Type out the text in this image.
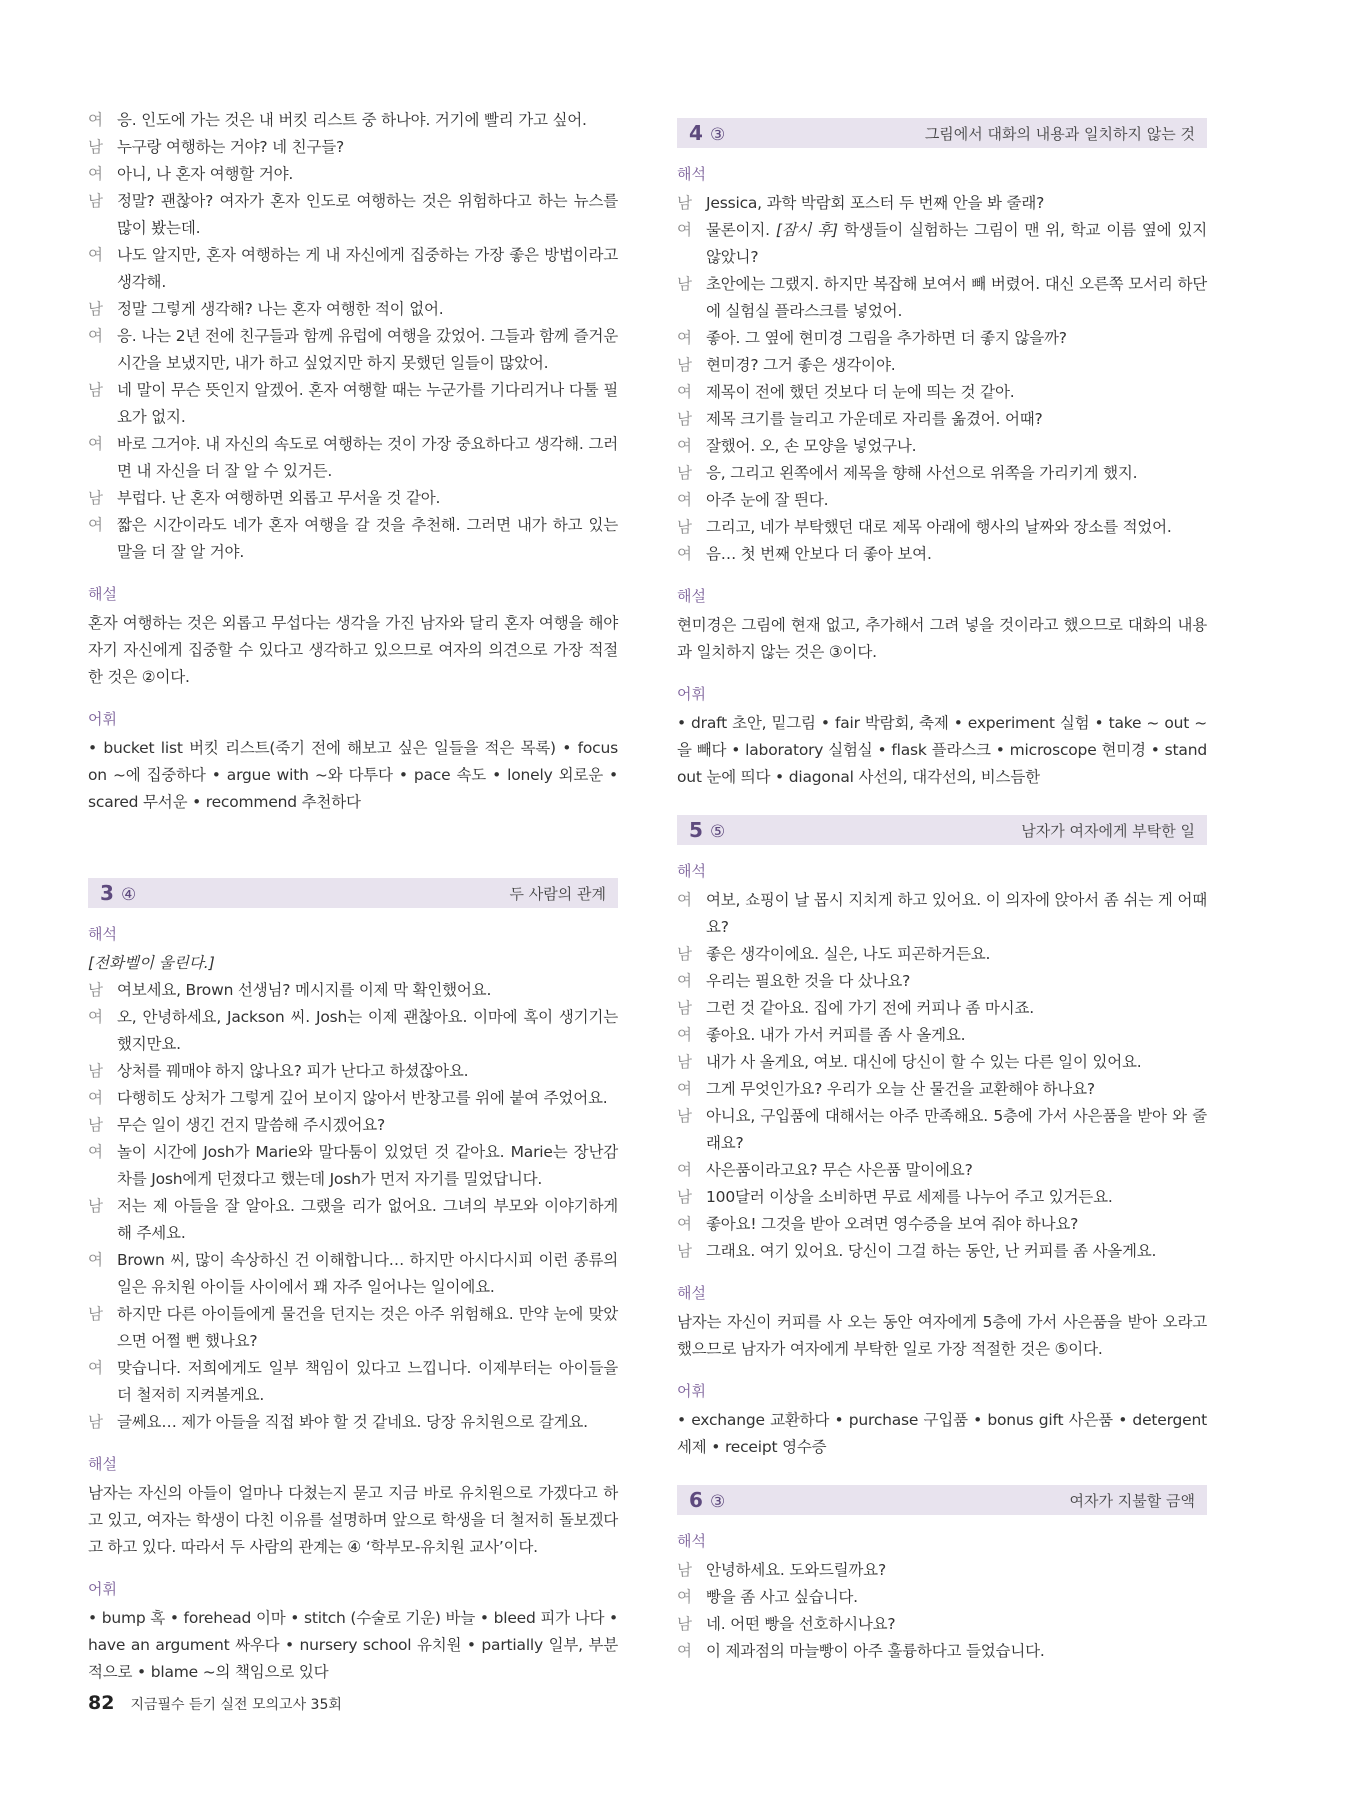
여 응. 인도에 가는 것은 내 버킷 리스트 중 하나야. 거기에 빨리 가고 싶어.
남 누구랑 여행하는 거야? 네 친구들?
여 아니, 나 혼자 여행할 거야.
남 정말? 괜찮아? 여자가 혼자 인도로 여행하는 것은 위험하다고 하는 뉴스를 많이 봤는데.
여 나도 알지만, 혼자 여행하는 게 내 자신에게 집중하는 가장 좋은 방법이라고 생각해.
남 정말 그렇게 생각해? 나는 혼자 여행한 적이 없어.
여 응. 나는 2년 전에 친구들과 함께 유럽에 여행을 갔었어. 그들과 함께 즐거운 시간을 보냈지만, 내가 하고 싶었지만 하지 못했던 일들이 많았어.
남 네 말이 무슨 뜻인지 알겠어. 혼자 여행할 때는 누군가를 기다리거나 다툴 필요가 없지.
여 바로 그거야. 내 자신의 속도로 여행하는 것이 가장 중요하다고 생각해. 그러면 내 자신을 더 잘 알 수 있거든.
남 부럽다. 난 혼자 여행하면 외롭고 무서울 것 같아.
여 짧은 시간이라도 네가 혼자 여행을 갈 것을 추천해. 그러면 내가 하고 있는 말을 더 잘 알 거야.
해설
혼자 여행하는 것은 외롭고 무섭다는 생각을 가진 남자와 달리 혼자 여행을 해야 자기 자신에게 집중할 수 있다고 생각하고 있으므로 여자의 의견으로 가장 적절한 것은 ②이다.
어휘
• bucket list 버킷 리스트(죽기 전에 해보고 싶은 일들을 적은 목록) • focus on ~에 집중하다 • argue with ~와 다투다 • pace 속도 • lonely 외로운 • scared 무서운 • recommend 추천하다
3 ④	두 사람의 관계
해석
[전화벨이 울린다.]
남 여보세요, Brown 선생님? 메시지를 이제 막 확인했어요.
여 오, 안녕하세요, Jackson 씨. Josh는 이제 괜찮아요. 이마에 혹이 생기기는 했지만요.
남 상처를 꿰매야 하지 않나요? 피가 난다고 하셨잖아요.
여 다행히도 상처가 그렇게 깊어 보이지 않아서 반창고를 위에 붙여 주었어요.
남 무슨 일이 생긴 건지 말씀해 주시겠어요?
여 놀이 시간에 Josh가 Marie와 말다툼이 있었던 것 같아요. Marie는 장난감 차를 Josh에게 던졌다고 했는데 Josh가 먼저 자기를 밀었답니다.
남 저는 제 아들을 잘 알아요. 그랬을 리가 없어요. 그녀의 부모와 이야기하게 해 주세요.
여 Brown 씨, 많이 속상하신 건 이해합니다… 하지만 아시다시피 이런 종류의 일은 유치원 아이들 사이에서 꽤 자주 일어나는 일이에요.
남 하지만 다른 아이들에게 물건을 던지는 것은 아주 위험해요. 만약 눈에 맞았으면 어쩔 뻔 했나요?
여 맞습니다. 저희에게도 일부 책임이 있다고 느낍니다. 이제부터는 아이들을 더 철저히 지켜볼게요.
남 글쎄요… 제가 아들을 직접 봐야 할 것 같네요. 당장 유치원으로 갈게요.
해설
남자는 자신의 아들이 얼마나 다쳤는지 묻고 지금 바로 유치원으로 가겠다고 하고 있고, 여자는 학생이 다친 이유를 설명하며 앞으로 학생을 더 철저히 돌보겠다고 하고 있다. 따라서 두 사람의 관계는 ④ ‘학부모-유치원 교사’이다.
어휘
• bump 혹 • forehead 이마 • stitch (수술로 기운) 바늘 • bleed 피가 나다 • have an argument 싸우다 • nursery school 유치원 • partially 일부, 부분적으로 • blame ~의 책임으로 있다
4 ③	그림에서 대화의 내용과 일치하지 않는 것
해석
남 Jessica, 과학 박람회 포스터 두 번째 안을 봐 줄래?
여 물론이지. [잠시 후] 학생들이 실험하는 그림이 맨 위, 학교 이름 옆에 있지 않았니?
남 초안에는 그랬지. 하지만 복잡해 보여서 빼 버렸어. 대신 오른쪽 모서리 하단에 실험실 플라스크를 넣었어.
여 좋아. 그 옆에 현미경 그림을 추가하면 더 좋지 않을까?
남 현미경? 그거 좋은 생각이야.
여 제목이 전에 했던 것보다 더 눈에 띄는 것 같아.
남 제목 크기를 늘리고 가운데로 자리를 옮겼어. 어때?
여 잘했어. 오, 손 모양을 넣었구나.
남 응, 그리고 왼쪽에서 제목을 향해 사선으로 위쪽을 가리키게 했지.
여 아주 눈에 잘 띈다.
남 그리고, 네가 부탁했던 대로 제목 아래에 행사의 날짜와 장소를 적었어.
여 음… 첫 번째 안보다 더 좋아 보여.
해설
현미경은 그림에 현재 없고, 추가해서 그려 넣을 것이라고 했으므로 대화의 내용과 일치하지 않는 것은 ③이다.
어휘
• draft 초안, 밑그림 • fair 박람회, 축제 • experiment 실험 • take ~ out ~을 빼다 • laboratory 실험실 • flask 플라스크 • microscope 현미경 • stand out 눈에 띄다 • diagonal 사선의, 대각선의, 비스듬한
5 ⑤	남자가 여자에게 부탁한 일
해석
여 여보, 쇼핑이 날 몹시 지치게 하고 있어요. 이 의자에 앉아서 좀 쉬는 게 어때요?
남 좋은 생각이에요. 실은, 나도 피곤하거든요.
여 우리는 필요한 것을 다 샀나요?
남 그런 것 같아요. 집에 가기 전에 커피나 좀 마시죠.
여 좋아요. 내가 가서 커피를 좀 사 올게요.
남 내가 사 올게요, 여보. 대신에 당신이 할 수 있는 다른 일이 있어요.
여 그게 무엇인가요? 우리가 오늘 산 물건을 교환해야 하나요?
남 아니요, 구입품에 대해서는 아주 만족해요. 5층에 가서 사은품을 받아 와 줄래요?
여 사은품이라고요? 무슨 사은품 말이에요?
남 100달러 이상을 소비하면 무료 세제를 나누어 주고 있거든요.
여 좋아요! 그것을 받아 오려면 영수증을 보여 줘야 하나요?
남 그래요. 여기 있어요. 당신이 그걸 하는 동안, 난 커피를 좀 사올게요.
해설
남자는 자신이 커피를 사 오는 동안 여자에게 5층에 가서 사은품을 받아 오라고 했으므로 남자가 여자에게 부탁한 일로 가장 적절한 것은 ⑤이다.
어휘
• exchange 교환하다 • purchase 구입품 • bonus gift 사은품 • detergent 세제 • receipt 영수증
6 ③	여자가 지불할 금액
해석
남 안녕하세요. 도와드릴까요?
여 빵을 좀 사고 싶습니다.
남 네. 어떤 빵을 선호하시나요?
여 이 제과점의 마늘빵이 아주 훌륭하다고 들었습니다.
82 지금필수 듣기 실전 모의고사 35회
